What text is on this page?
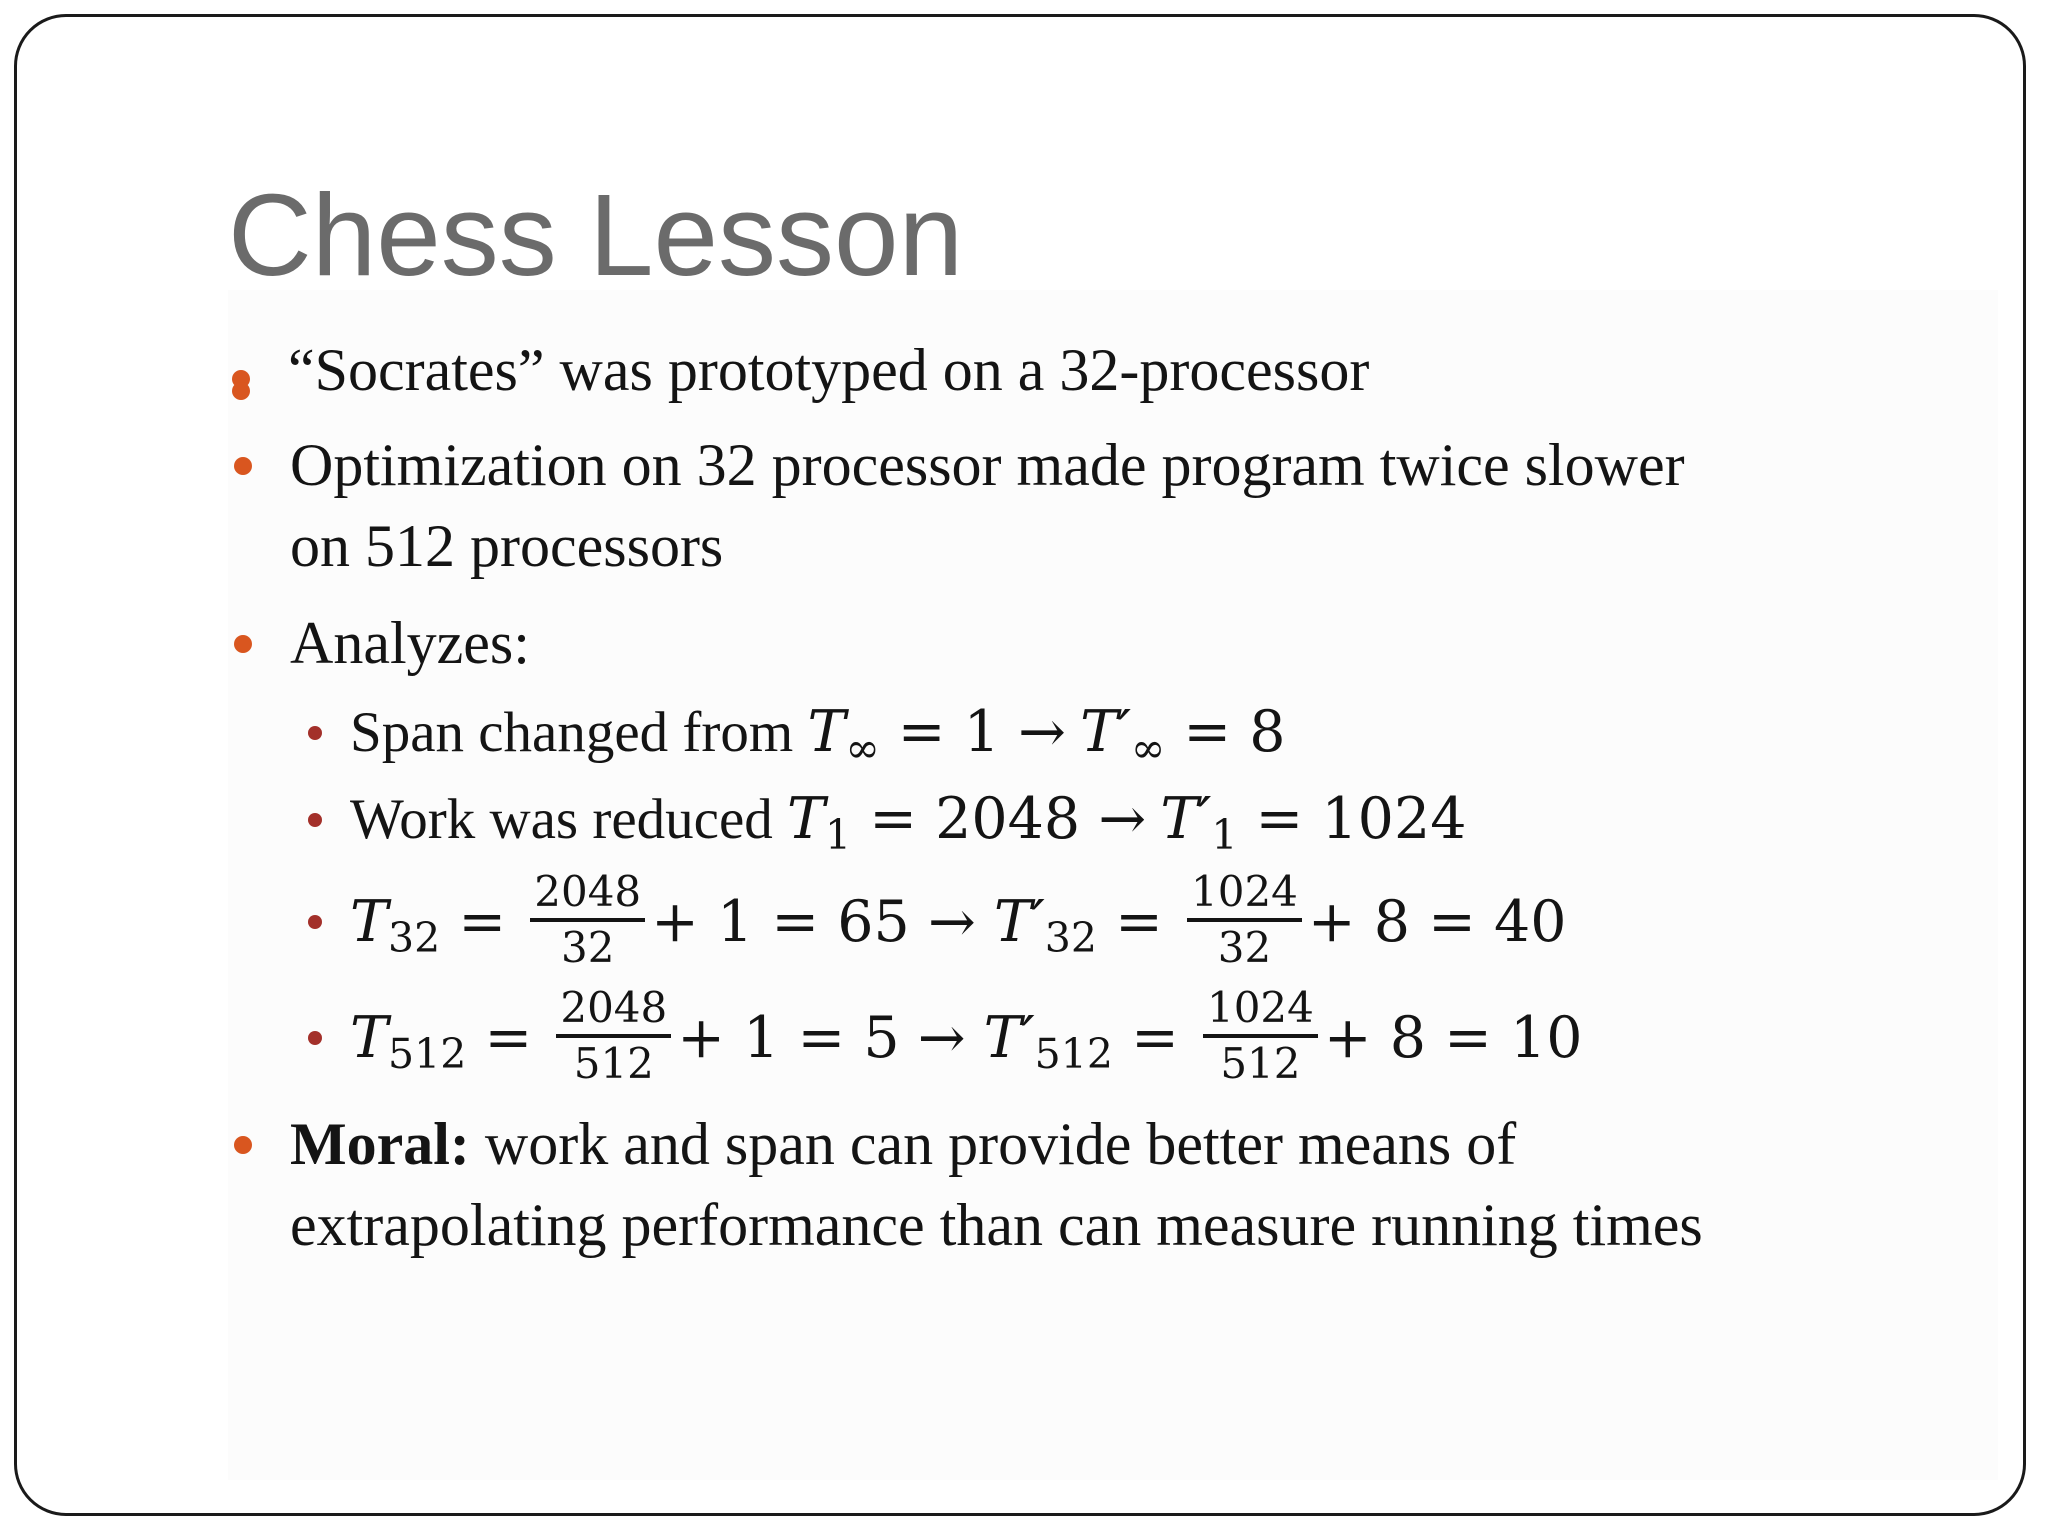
Chess Lesson
“Socrates” was prototyped on a 32-processor
Optimization on 32 processor made program twice slower
on 512 processors
Analyzes:
Span changed from $T_\infty = 1 \to T'_\infty = 8$
Work was reduced $T_1 = 2048 \to T'_1 = 1024$
$T_{32} = \frac{2048}{32} + 1 = 65 \to T'_{32} = \frac{1024}{32} + 8 = 40$
$T_{512} = \frac{2048}{512} + 1 = 5 \to T'_{512} = \frac{1024}{512} + 8 = 10$
Moral: work and span can provide better means of
extrapolating performance than can measure running times
